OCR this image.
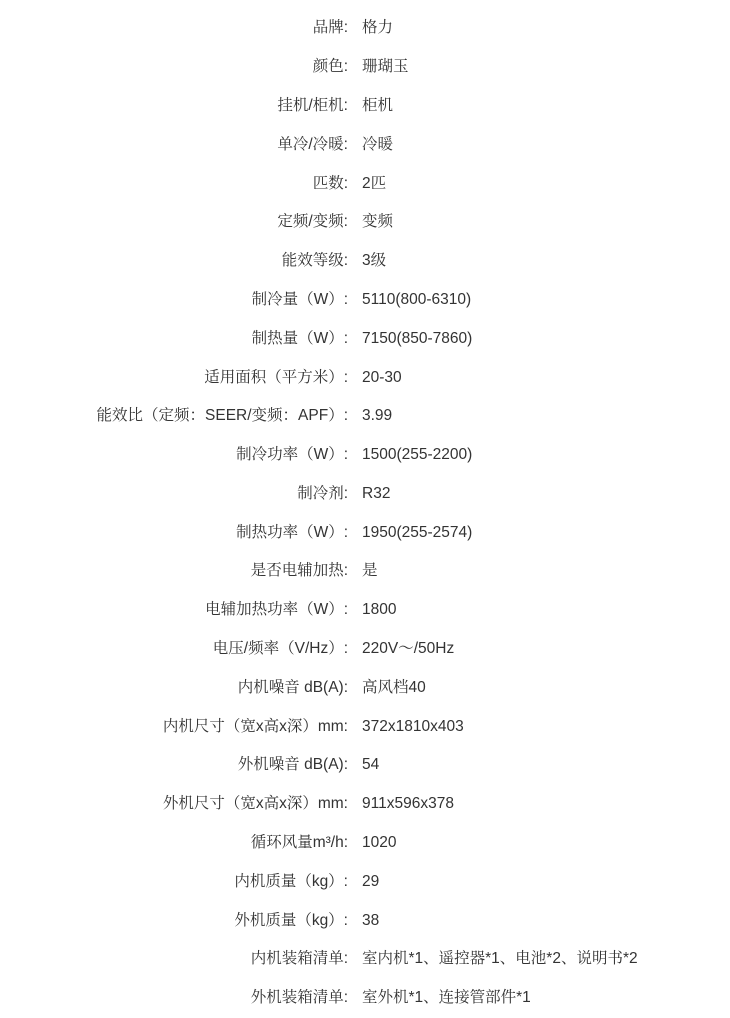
品牌:	格力
颜色:	珊瑚玉
挂机/柜机:	柜机
单冷/冷暖:	冷暖
匹数:	2匹
定频/变频:	变频
能效等级:	3级
制冷量（W）:	5110(800-6310)
制热量（W）:	7150(850-7860)
适用面积（平方米）:	20-30
能效比（定频：SEER/变频：APF）:	3.99
制冷功率（W）:	1500(255-2200)
制冷剂:	R32
制热功率（W）:	1950(255-2574)
是否电辅加热:	是
电辅加热功率（W）:	1800
电压/频率（V/Hz）:	220V～/50Hz
内机噪音 dB(A):	高风档40
内机尺寸（宽x高x深）mm:	372x1810x403
外机噪音 dB(A):	54
外机尺寸（宽x高x深）mm:	911x596x378
循环风量m³/h:	1020
内机质量（kg）:	29
外机质量（kg）:	38
内机装箱清单:	室内机*1、遥控器*1、电池*2、说明书*2
外机装箱清单:	室外机*1、连接管部件*1
